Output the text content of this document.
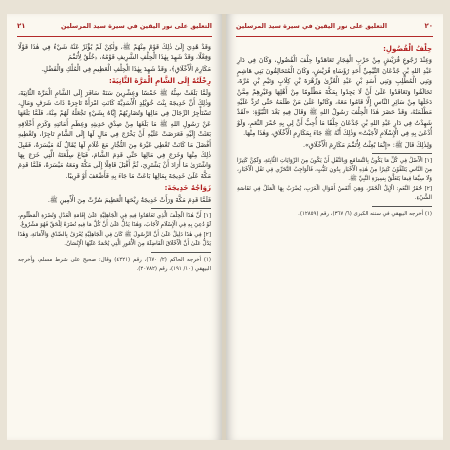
٢١	التعليق على نور اليقين في سيرة سيد المرسلين

وَقَدْ هُدِيَ إِلَىٰ ذٰلِكَ قَوْمٌ مِنْهُمْ ﷺ، وَلٰكِنْ لَمْ يُؤْثَرْ عَنْهُ شَيْءٌ فِي هٰذَا قَوْلًا وَفِعْلًا، وَقَدْ شَهِدَ بِهٰذَا الْحِلْفِ الشَّرِيفِ قَوْمُهُ، ﴿خُلُقٌ لِأُتَمِّمَ

مَكَارِمَ الْأَخْلَاقِ﴾، وَقَدْ شَهِدَ بِهٰذَا الْحِلْفِ الْعَظِيمِ فِي الْمُلْكِ وَالْفَضْلِ.

رِحْلَتُهُ إِلَى الشَّامِ الْمَرَّةَ الثَّانِيَةَ:

وَلَمَّا بَلَغَتْ سِنُّهُ ﷺ خَمْسًا وَعِشْرِينَ سَنَةً سَافَرَ إِلَى الشَّامِ الْمَرَّةَ الثَّانِيَةَ، وَذٰلِكَ أَنَّ خَدِيجَةَ بِنْتَ خُوَيْلِدٍ الْأَسَدِيَّةَ كَانَتِ امْرَأَةً تَاجِرَةً ذَاتَ شَرَفٍ وَمَالٍ، تَسْتَأْجِرُ الرِّجَالَ فِي مَالِهَا وَتُضَارِبُهُمْ إِيَّاهُ بِشَيْءٍ تَجْعَلُهُ لَهُمْ مِنْهُ، فَلَمَّا بَلَغَهَا عَنْ رَسُولِ اللهِ ﷺ مَا بَلَغَهَا مِنْ صِدْقِ حَدِيثِهِ وَعِظَمِ أَمَانَتِهِ وَكَرَمِ أَخْلَاقِهِ بَعَثَتْ إِلَيْهِ فَعَرَضَتْ عَلَيْهِ أَنْ يَخْرُجَ فِي مَالٍ لَهَا إِلَى الشَّامِ تَاجِرًا، وَتُعْطِيهِ أَفْضَلَ مَا كَانَتْ تُعْطِي غَيْرَهُ مِنَ التُّجَّارِ مَعَ غُلَامٍ لَهَا يُقَالُ لَهُ مَيْسَرَةُ، فَقَبِلَ ذٰلِكَ مِنْهَا وَخَرَجَ فِي مَالِهَا حَتَّى قَدِمَ الشَّامَ، فَبَاعَ سِلْعَتَهُ الَّتِي خَرَجَ بِهَا وَاشْتَرَىٰ مَا أَرَادَ أَنْ يَشْتَرِيَ، ثُمَّ أَقْبَلَ قَافِلًا إِلَى مَكَّةَ وَمَعَهُ مَيْسَرَةُ، فَلَمَّا قَدِمَ مَكَّةَ عَلَىٰ خَدِيجَةَ بِمَالِهَا بَاعَتْ مَا جَاءَ بِهِ فَأَضْعَفَ أَوْ قَرِيبًا.

زَوَاجُهُ خَدِيجَةَ:

فَلَمَّا قَدِمَ مَكَّةَ وَرَأَتْ خَدِيجَةُ رِبْحَهَا الْعَظِيمَ سُرَّتْ مِنَ الْأَمِينِ ﷺ.

[١] أَنَّ هٰذَا الْحِلْفَ الَّذِي تَعَاهَدُوا فِيهِ فِي الْجَاهِلِيَّةِ عَلَىٰ إِقَامَةِ الْعَدْلِ وَنُصْرَةِ الْمَظْلُومِ، لَوْ دُعِيَ بِهِ فِي الْإِسْلَامِ لَأَجَابَ، وَهٰذَا يَدُلُّ عَلَىٰ أَنَّ كُلَّ مَا فِيهِ نُصْرَةٌ لِلْحَقِّ فَهُوَ مَشْرُوعٌ.

[٢] فِي هٰذَا دَلِيلٌ عَلَىٰ أَنَّ الرَّسُولَ ﷺ كَانَ فِي الْجَاهِلِيَّةِ يُعْرَفُ بِالصِّدْقِ وَالْأَمَانَةِ، وَهٰذَا يَدُلُّ عَلَىٰ أَنَّ الْأَخْلَاقَ الْفَاضِلَةَ مِنَ الْأُمُورِ الَّتِي يُحْمَدُ عَلَيْهَا الْإِنْسَانُ.

(١) أخرجه الحاكم (٢/ ٦٧٠)، رقم (٤٢٢١) وقال: صحيح على شرط مسلم، وأخرجه البيهقي (١٠/ ١٩١)، رقم (٢٠٧٨٢).

٢٠
التعليق على نور اليقين في سيرة سيد المرسلين
حِلْفُ الْفُضُولِ:

وَعِنْدَ رُجُوعِ قُرَيْشٍ مِنْ حَرْبِ الْفِجَارِ تَعَاهَدُوا حِلْفَ الْفُضُولِ، وَكَانَ فِي دَارِ عَبْدِ اللهِ بْنِ جُدْعَانَ التَّيْمِيِّ أَحَدِ رُؤَسَاءِ قُرَيْشٍ، وَكَانَ الْمُتَحَالِفُونَ بَنِي هَاشِمٍ وَبَنِي الْمُطَّلِبِ وَبَنِي أَسَدِ بْنِ عَبْدِ الْعُزَّىٰ وَزُهْرَةَ بْنِ كِلَابٍ وَتَيْمِ بْنِ مُرَّةَ، تَحَالَفُوا وَتَعَاقَدُوا عَلَىٰ أَنْ لَا يَجِدُوا بِمَكَّةَ مَظْلُومًا مِنْ أَهْلِهَا وَغَيْرِهِمْ مِمَّنْ دَخَلَهَا مِنْ سَائِرِ النَّاسِ إِلَّا قَامُوا مَعَهُ، وَكَانُوا عَلَىٰ مَنْ ظَلَمَهُ حَتَّى تُرَدَّ عَلَيْهِ مَظْلَمَتُهُ، وَقَدْ حَضَرَ هٰذَا الْحِلْفَ رَسُولُ اللهِ ﷺ وَقَالَ فِيهِ بَعْدَ النُّبُوَّةِ: «لَقَدْ شَهِدْتُ فِي دَارِ عَبْدِ اللهِ بْنِ جُدْعَانَ حِلْفًا مَا أُحِبُّ أَنَّ لِي بِهِ حُمْرَ النَّعَمِ، وَلَوْ أُدْعَىٰ بِهِ فِي الْإِسْلَامِ لَأَجَبْتُ» وَذٰلِكَ أَنَّهُ ﷺ جَاءَ بِمَكَارِمِ الْأَخْلَاقِ، وَهٰذَا مِنْهَا.

وَلِذٰلِكَ قَالَ ﷺ: «إِنَّمَا بُعِثْتُ لِأُتَمِّمَ مَكَارِمَ الْأَخْلَاقِ».

[١] الْأَصْلُ فِي كُلِّ مَا يَكُونُ بِالتَّسَامُعِ وَبِالنَّقْلِ أَنْ يَكُونَ مِنَ الرِّوَايَاتِ الثَّابِتَةِ، وَلَكِنَّ كَثِيرًا مِنَ النَّاسِ يَتَلَقَّوْنَ كَثِيرًا مِنْ هٰذِهِ الْأَخْبَارِ بِدُونِ تَثَبُّتٍ، فَالْوَاجِبُ التَّحَرِّي فِي نَقْلِ الْأَخْبَارِ، وَلَا سِيَّمَا فِيمَا يَتَعَلَّقُ بِسِيرَةِ النَّبِيِّ ﷺ.

[٢] حُمْرُ النَّعَمِ: الْإِبِلُ الْحُمْرُ، وَهِيَ أَنْفَسُ أَمْوَالِ الْعَرَبِ، يُضْرَبُ بِهَا الْمَثَلُ فِي نَفَاسَةِ الشَّيْءِ.

(١) أخرجه البيهقي في سننه الكبرى (٦/ ٣٦٧)، رقم (١٢٨٥٩).
